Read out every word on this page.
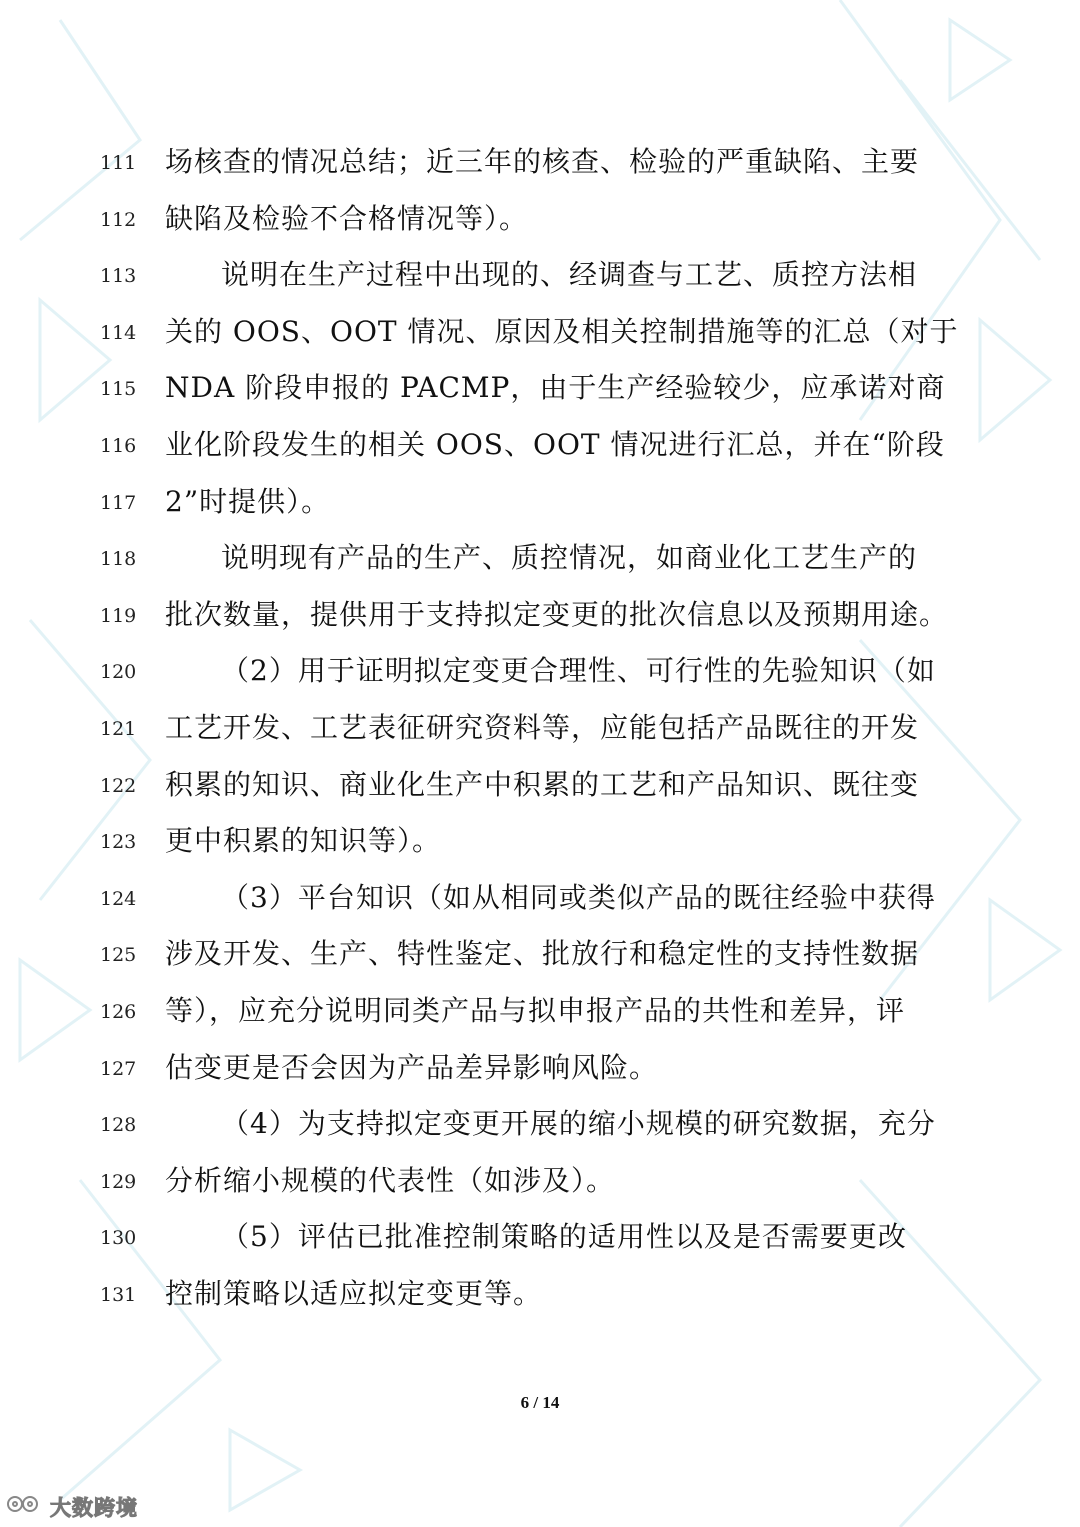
111 场核查的情况总结；近三年的核查、检验的严重缺陷、主要
112 缺陷及检验不合格情况等）。
113	说明在生产过程中出现的、经调查与工艺、质控方法相
114 关的 OOS、OOT 情况、原因及相关控制措施等的汇总（对于
115 NDA 阶段申报的 PACMP，由于生产经验较少，应承诺对商
116 业化阶段发生的相关 OOS、OOT 情况进行汇总，并在“阶段
117 2”时提供）。
118	说明现有产品的生产、质控情况，如商业化工艺生产的
119 批次数量，提供用于支持拟定变更的批次信息以及预期用途。
120	（2）用于证明拟定变更合理性、可行性的先验知识（如
121 工艺开发、工艺表征研究资料等，应能包括产品既往的开发
122 积累的知识、商业化生产中积累的工艺和产品知识、既往变
123 更中积累的知识等）。
124	（3）平台知识（如从相同或类似产品的既往经验中获得
125 涉及开发、生产、特性鉴定、批放行和稳定性的支持性数据
126 等），应充分说明同类产品与拟申报产品的共性和差异，评
127 估变更是否会因为产品差异影响风险。
128	（4）为支持拟定变更开展的缩小规模的研究数据，充分
129 分析缩小规模的代表性（如涉及）。
130	（5）评估已批准控制策略的适用性以及是否需要更改
131 控制策略以适应拟定变更等。
6 / 14
大数跨境
